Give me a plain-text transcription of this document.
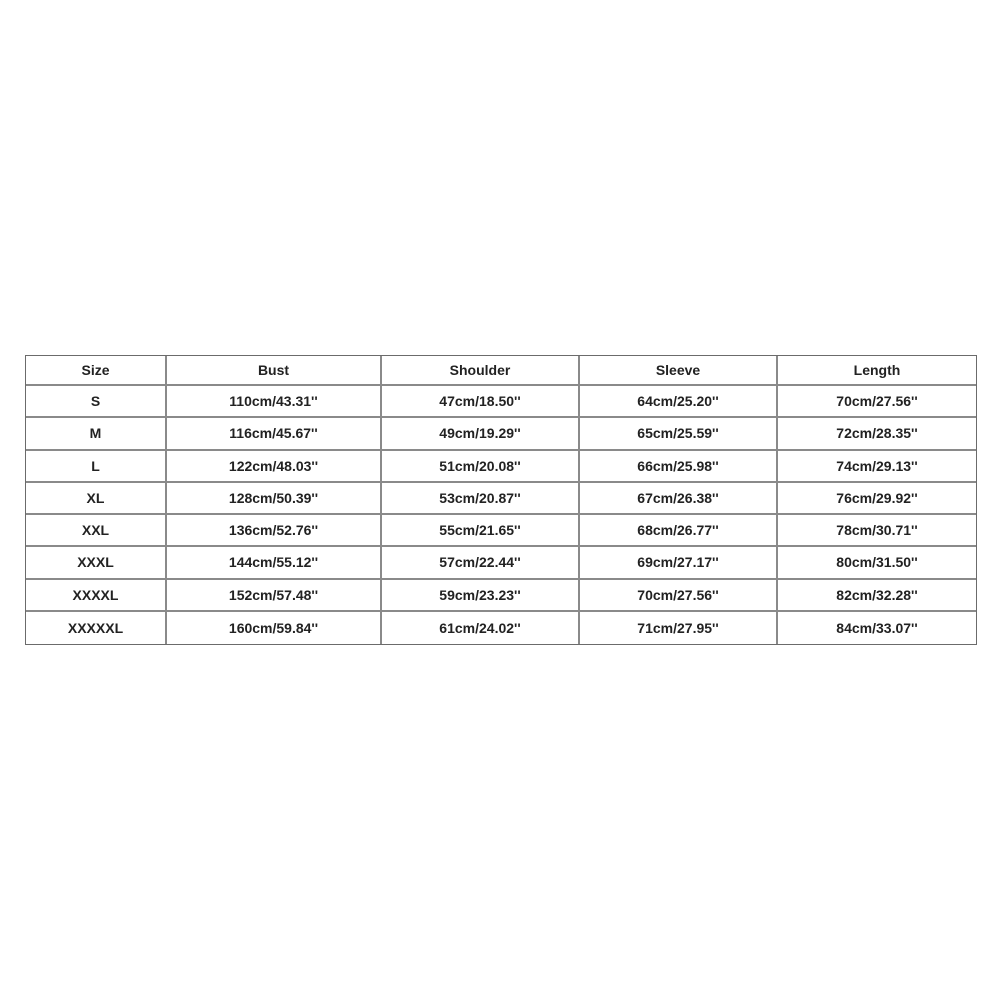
Size	Bust	Shoulder	Sleeve	Length
S	110cm/43.31''	47cm/18.50''	64cm/25.20''	70cm/27.56''
M	116cm/45.67''	49cm/19.29''	65cm/25.59''	72cm/28.35''
L	122cm/48.03''	51cm/20.08''	66cm/25.98''	74cm/29.13''
XL	128cm/50.39''	53cm/20.87''	67cm/26.38''	76cm/29.92''
XXL	136cm/52.76''	55cm/21.65''	68cm/26.77''	78cm/30.71''
XXXL	144cm/55.12''	57cm/22.44''	69cm/27.17''	80cm/31.50''
XXXXL	152cm/57.48''	59cm/23.23''	70cm/27.56''	82cm/32.28''
XXXXXL	160cm/59.84''	61cm/24.02''	71cm/27.95''	84cm/33.07''
